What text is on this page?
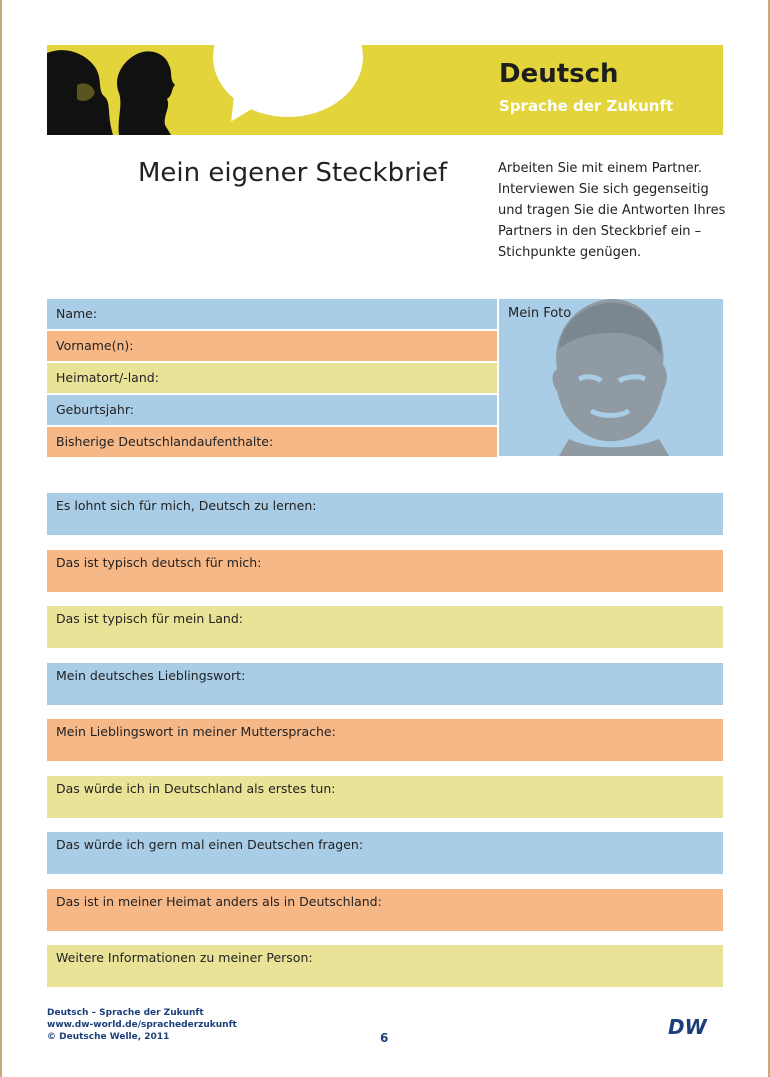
Deutsch
Sprache der Zukunft
Mein eigener Steckbrief	Arbeiten Sie mit einem Partner. Interviewen Sie sich gegenseitig und tragen Sie die Antworten Ihres Partners in den Steckbrief ein – Stichpunkte genügen.
Name:
Vorname(n):
Heimatort/-land:
Geburtsjahr:
Bisherige Deutschlandaufenthalte:
Mein Foto
Es lohnt sich für mich, Deutsch zu lernen:
Das ist typisch deutsch für mich:
Das ist typisch für mein Land:
Mein deutsches Lieblingswort:
Mein Lieblingswort in meiner Muttersprache:
Das würde ich in Deutschland als erstes tun:
Das würde ich gern mal einen Deutschen fragen:
Das ist in meiner Heimat anders als in Deutschland:
Weitere Informationen zu meiner Person:
Deutsch – Sprache der Zukunft
www.dw-world.de/sprachederzukunft
© Deutsche Welle, 2011	6	DW
